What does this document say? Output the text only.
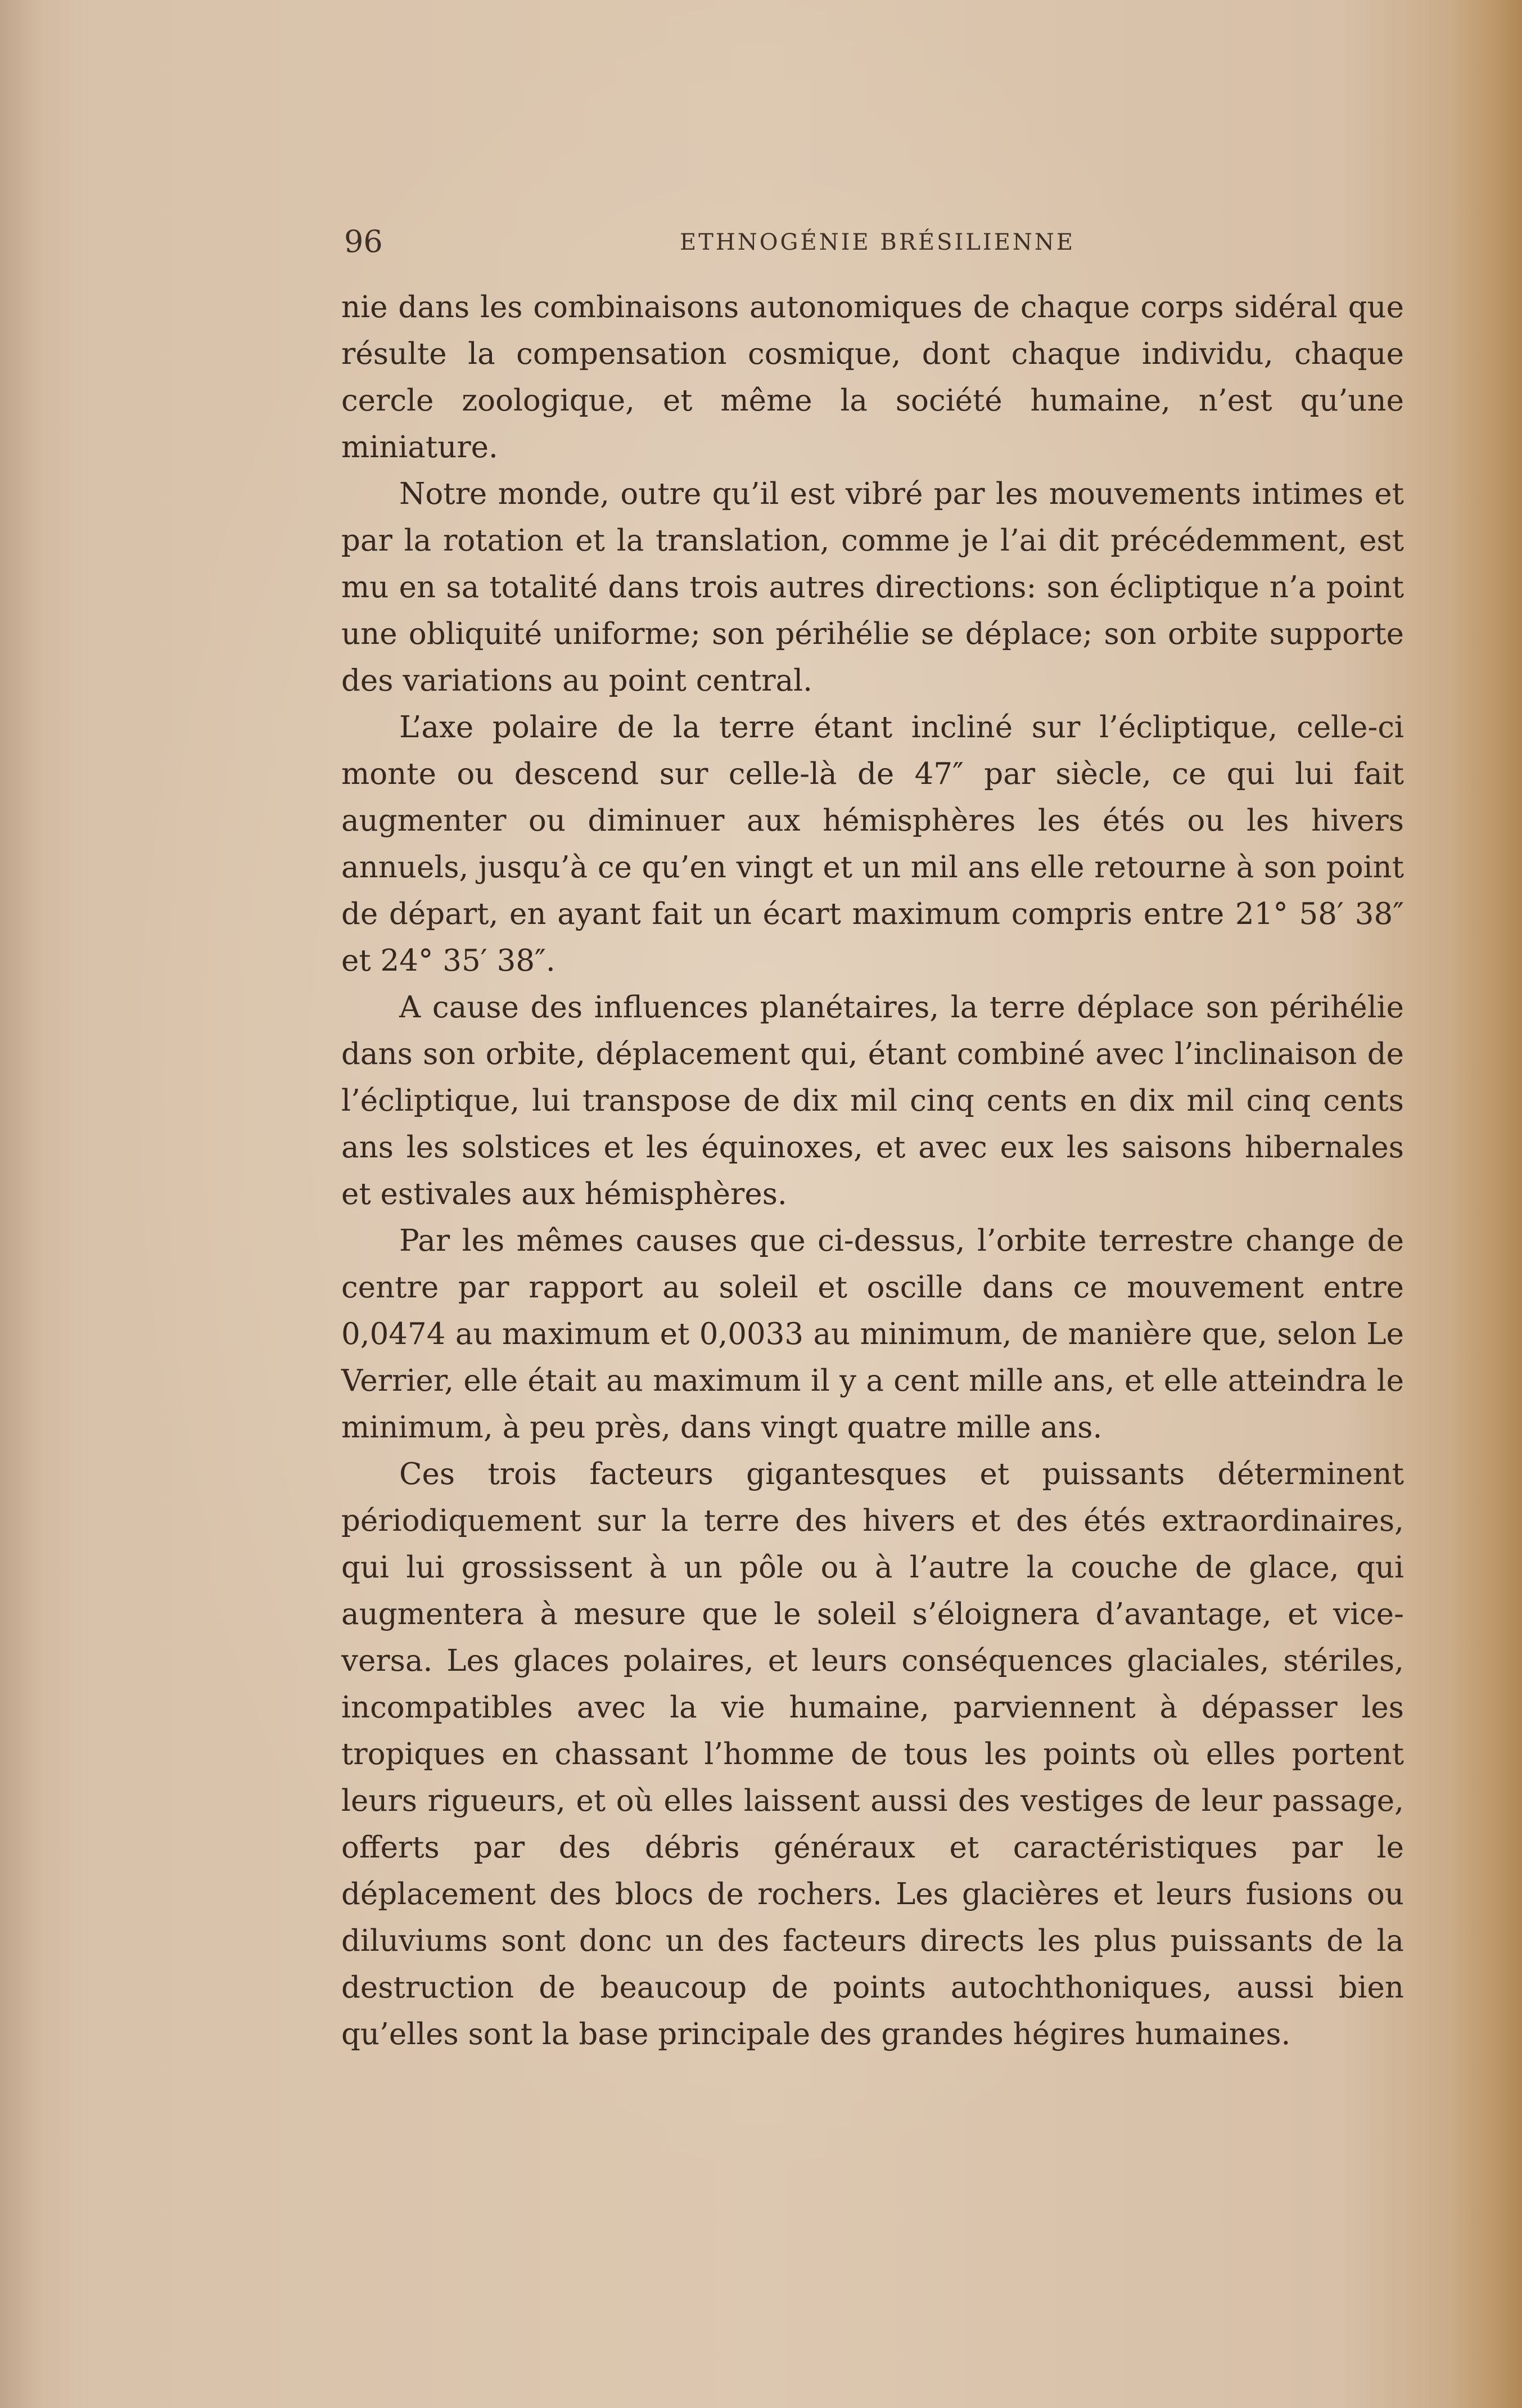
96	ETHNOGÉNIE BRÉSILIENNE

nie dans les combinaisons autonomiques de chaque corps sidéral que résulte la compensation cosmique, dont chaque individu, chaque cercle zoologique, et même la société humaine, n’est qu’une miniature.

Notre monde, outre qu’il est vibré par les mouvements intimes et par la rotation et la translation, comme je l’ai dit précédemment, est mu en sa totalité dans trois autres directions: son écliptique n’a point une obliquité uniforme; son périhélie se déplace; son orbite supporte des variations au point central.

L’axe polaire de la terre étant incliné sur l’écliptique, celle-ci monte ou descend sur celle-là de 47″ par siècle, ce qui lui fait augmenter ou diminuer aux hémisphères les étés ou les hivers annuels, jusqu’à ce qu’en vingt et un mil ans elle retourne à son point de départ, en ayant fait un écart maximum compris entre 21° 58′ 38″ et 24° 35′ 38″.

A cause des influences planétaires, la terre déplace son périhélie dans son orbite, déplacement qui, étant combiné avec l’inclinaison de l’écliptique, lui transpose de dix mil cinq cents en dix mil cinq cents ans les solstices et les équinoxes, et avec eux les saisons hibernales et estivales aux hémisphères.

Par les mêmes causes que ci-dessus, l’orbite terrestre change de centre par rapport au soleil et oscille dans ce mouvement entre 0,0474 au maximum et 0,0033 au minimum, de manière que, selon Le Verrier, elle était au maximum il y a cent mille ans, et elle atteindra le minimum, à peu près, dans vingt quatre mille ans.

Ces trois facteurs gigantesques et puissants déterminent périodiquement sur la terre des hivers et des étés extraordinaires, qui lui grossissent à un pôle ou à l’autre la couche de glace, qui augmentera à mesure que le soleil s’éloignera d’avantage, et vice-versa. Les glaces polaires, et leurs conséquences glaciales, stériles, incompatibles avec la vie humaine, parviennent à dépasser les tropiques en chassant l’homme de tous les points où elles portent leurs rigueurs, et où elles laissent aussi des vestiges de leur passage, offerts par des débris généraux et caractéristiques par le déplacement des blocs de rochers. Les glacières et leurs fusions ou diluviums sont donc un des facteurs directs les plus puissants de la destruction de beaucoup de points autochthoniques, aussi bien qu’elles sont la base principale des grandes hégires humaines.
